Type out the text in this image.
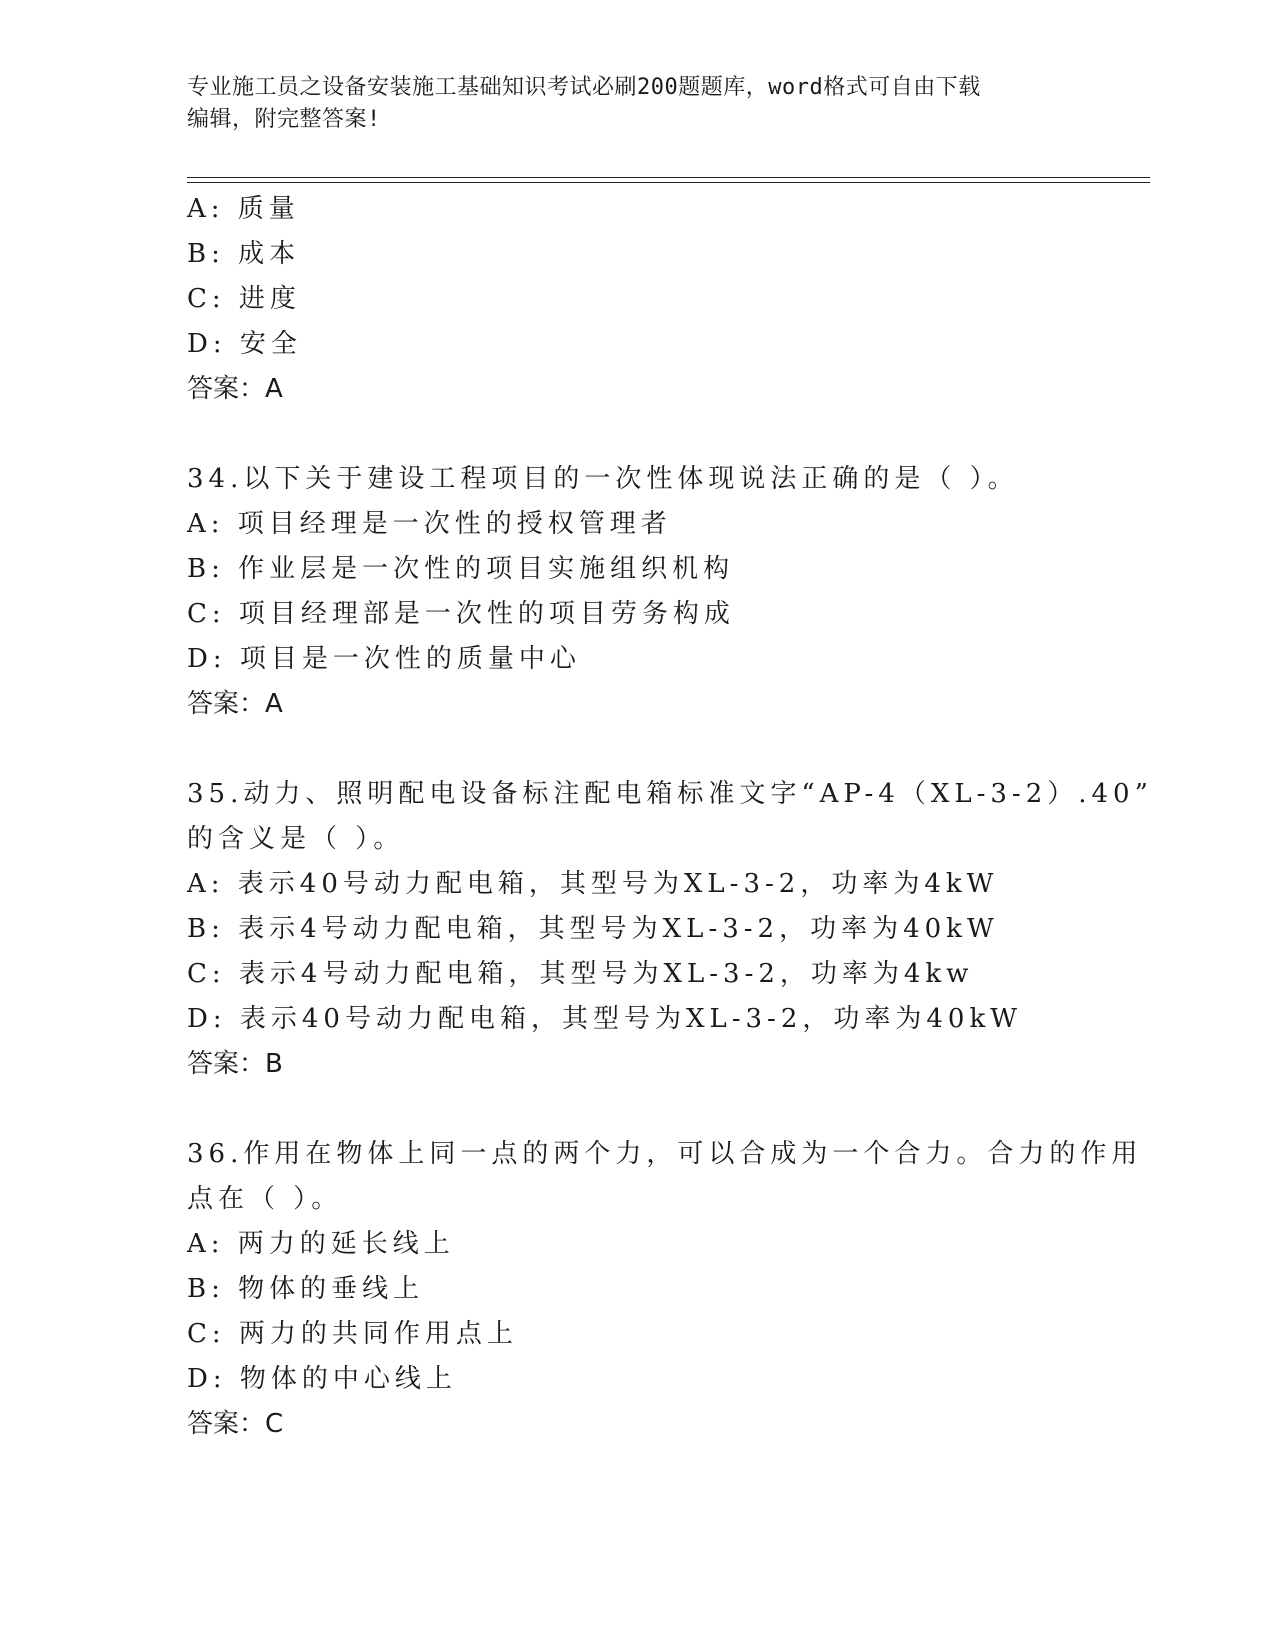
专业施工员之设备安装施工基础知识考试必刷200题题库，word格式可自由下载
编辑，附完整答案!
A: 质量
B: 成本
C: 进度
D: 安全
答案：A
34.以下关于建设工程项目的一次性体现说法正确的是（ ）。
A: 项目经理是一次性的授权管理者
B: 作业层是一次性的项目实施组织机构
C: 项目经理部是一次性的项目劳务构成
D: 项目是一次性的质量中心
答案：A
35.动力、照明配电设备标注配电箱标准文字“AP-4（XL-3-2）.40”
的含义是（ ）。
A: 表示40号动力配电箱，其型号为XL-3-2，功率为4kW
B: 表示4号动力配电箱，其型号为XL-3-2，功率为40kW
C: 表示4号动力配电箱，其型号为XL-3-2，功率为4kw
D: 表示40号动力配电箱，其型号为XL-3-2，功率为40kW
答案：B
36.作用在物体上同一点的两个力，可以合成为一个合力。合力的作用
点在（ ）。
A: 两力的延长线上
B: 物体的垂线上
C: 两力的共同作用点上
D: 物体的中心线上
答案：C
